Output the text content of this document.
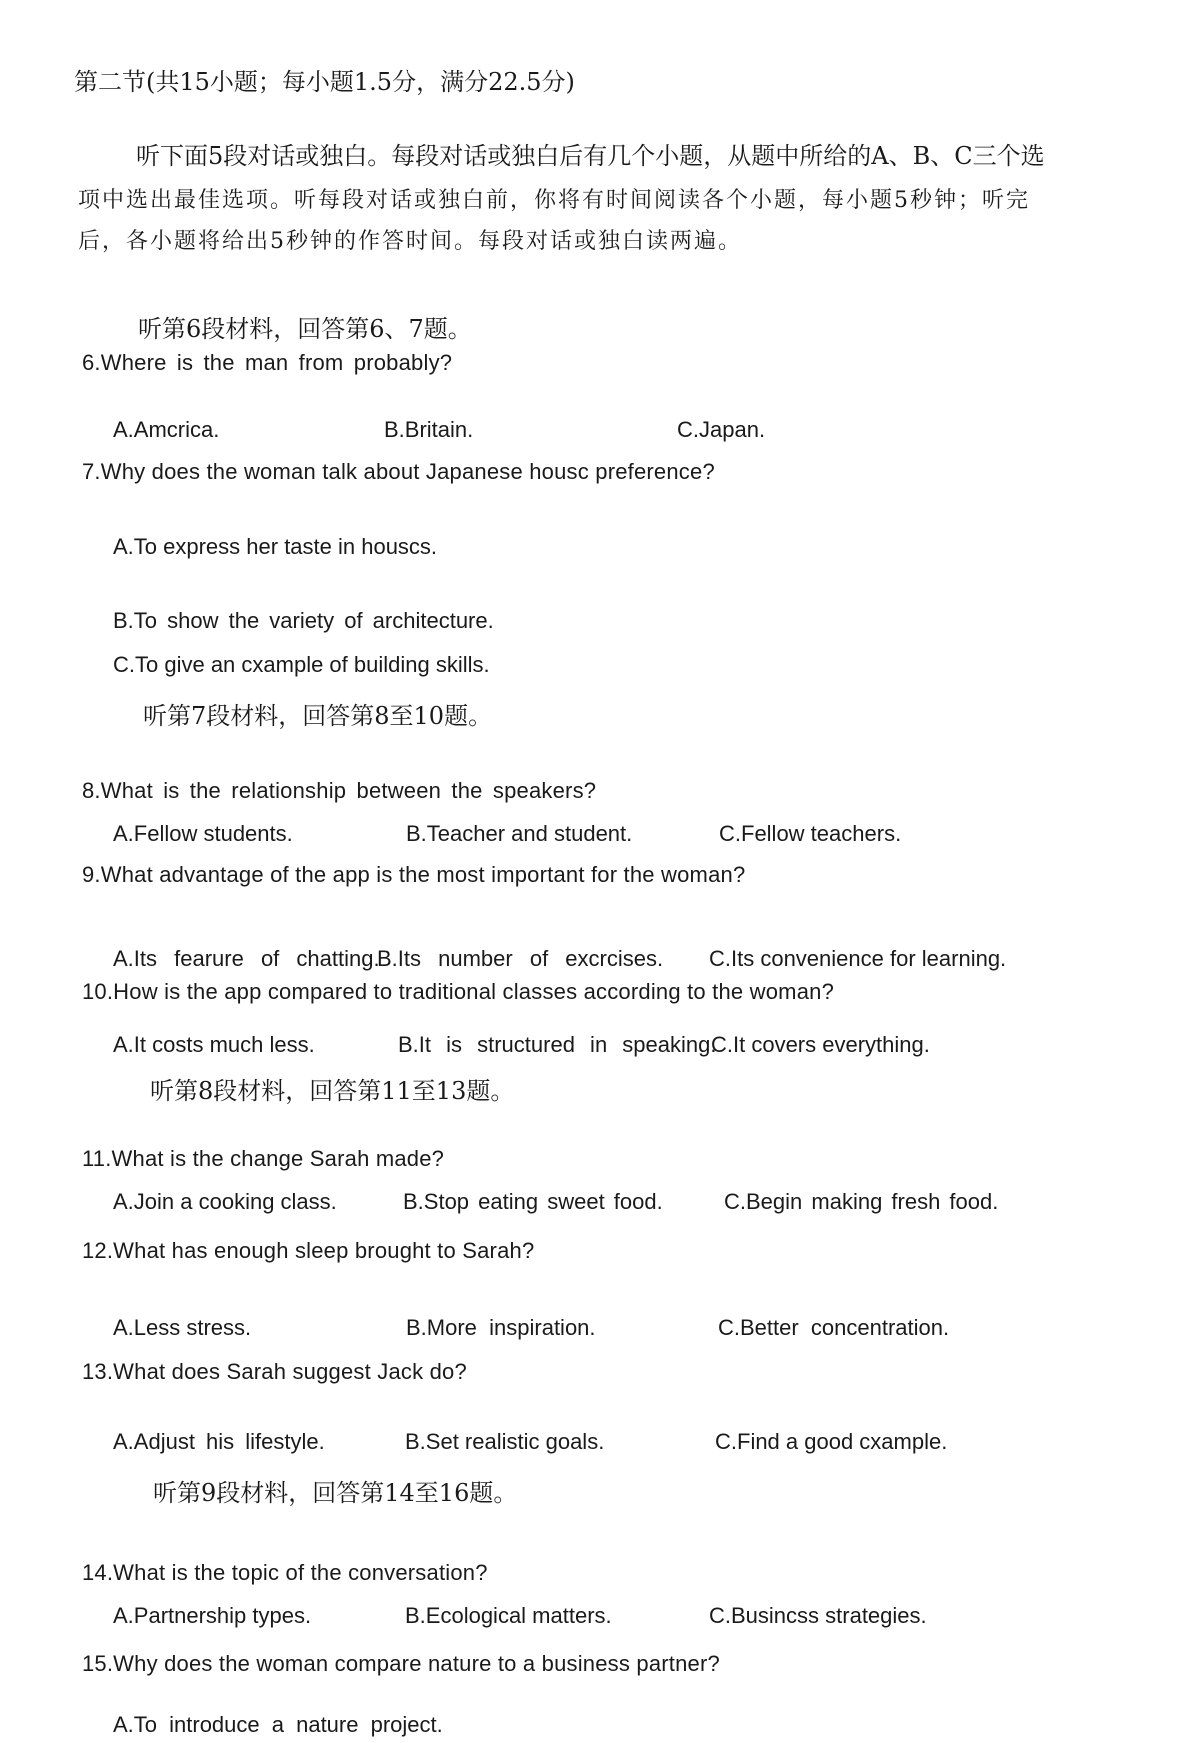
第二节(共15小题；每小题1.5分，满分22.5分)
听下面5段对话或独白。每段对话或独白后有几个小题，从题中所给的A、B、C三个选
项中选出最佳选项。听每段对话或独白前，你将有时间阅读各个小题，每小题5秒钟；听完
后，各小题将给出5秒钟的作答时间。每段对话或独白读两遍。
听第6段材料，回答第6、7题。
6.Where is the man from probably?
A.Amcrica.	B.Britain.	C.Japan.
7.Why does the woman talk about Japanese housc preference?
A.To express her taste in houscs.
B.To show the variety of architecture.
C.To give an cxample of building skills.
听第7段材料，回答第8至10题。
8.What is the relationship between the speakers?
A.Fellow students.	B.Teacher and student.	C.Fellow teachers.
9.What advantage of the app is the most important for the woman?
A.Its fearure of chatting.
B.Its number of excrcises. C.Its convenience for learning.
10.How is the app compared to traditional classes according to the woman?
A.It costs much less.	B.It is structured in speaking.
C.It covers everything.
听第8段材料，回答第11至13题。
11.What is the change Sarah made?
A.Join a cooking class.	B.Stop eating sweet food.	C.Begin making fresh food.
12.What has enough sleep brought to Sarah?
A.Less stress.	B.More  inspiration.	C.Better  concentration.
13.What does Sarah suggest Jack do?
A.Adjust his lifestyle.	B.Set realistic goals.	C.Find a good cxample.
听第9段材料，回答第14至16题。
14.What is the topic of the conversation?
A.Partnership types.	B.Ecological matters.	C.Busincss strategies.
15.Why does the woman compare nature to a business partner?
A.To introduce a nature project.
